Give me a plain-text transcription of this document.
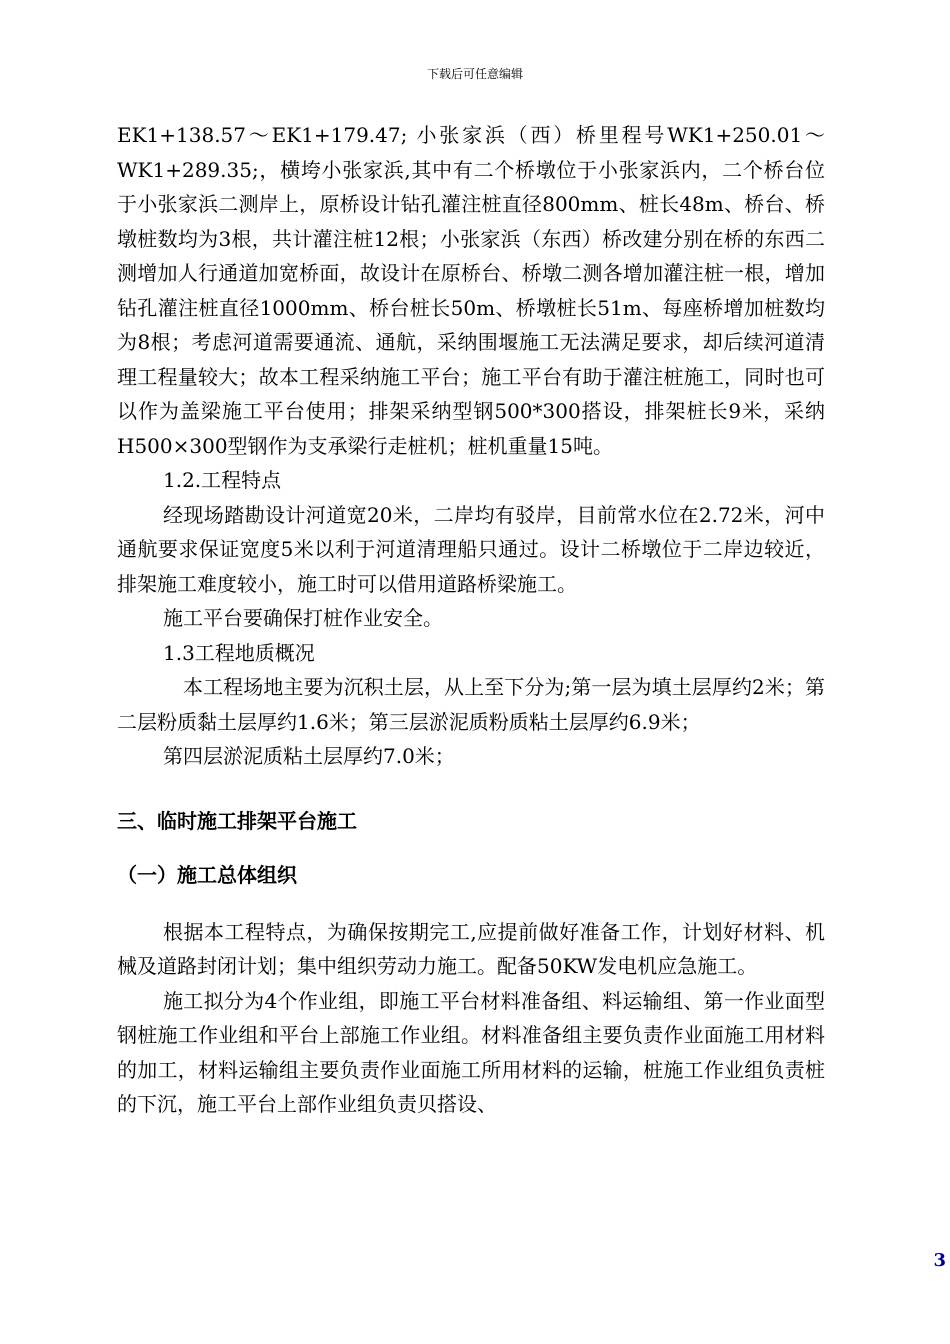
下载后可任意编辑

EK1+138.57～EK1+179.47; 小张家浜（西）桥里程号WK1+250.01～WK1+289.35;，横垮小张家浜,其中有二个桥墩位于小张家浜内，二个桥台位于小张家浜二测岸上，原桥设计钻孔灌注桩直径800mm、桩长48m、桥台、桥墩桩数均为3根，共计灌注桩12根；小张家浜（东西）桥改建分别在桥的东西二测增加人行通道加宽桥面，故设计在原桥台、桥墩二测各增加灌注桩一根，增加钻孔灌注桩直径1000mm、桥台桩长50m、桥墩桩长51m、每座桥增加桩数均为8根；考虑河道需要通流、通航，采纳围堰施工无法满足要求，却后续河道清理工程量较大；故本工程采纳施工平台；施工平台有助于灌注桩施工，同时也可以作为盖梁施工平台使用；排架采纳型钢500*300搭设，排架桩长9米，采纳H500×300型钢作为支承梁行走桩机；桩机重量15吨。

1.2.工程特点

经现场踏勘设计河道宽20米，二岸均有驳岸，目前常水位在2.72米，河中通航要求保证宽度5米以利于河道清理船只通过。设计二桥墩位于二岸边较近，排架施工难度较小，施工时可以借用道路桥梁施工。

施工平台要确保打桩作业安全。

1.3工程地质概况

本工程场地主要为沉积土层，从上至下分为;第一层为填土层厚约2米；第二层粉质黏土层厚约1.6米；第三层淤泥质粉质粘土层厚约6.9米；

第四层淤泥质粘土层厚约7.0米；

三、临时施工排架平台施工

（一）施工总体组织

根据本工程特点，为确保按期完工,应提前做好准备工作，计划好材料、机械及道路封闭计划；集中组织劳动力施工。配备50KW发电机应急施工。

施工拟分为4个作业组，即施工平台材料准备组、料运输组、第一作业面型钢桩施工作业组和平台上部施工作业组。材料准备组主要负责作业面施工用材料的加工，材料运输组主要负责作业面施工所用材料的运输，桩施工作业组负责桩的下沉，施工平台上部作业组负责贝搭设、

3
